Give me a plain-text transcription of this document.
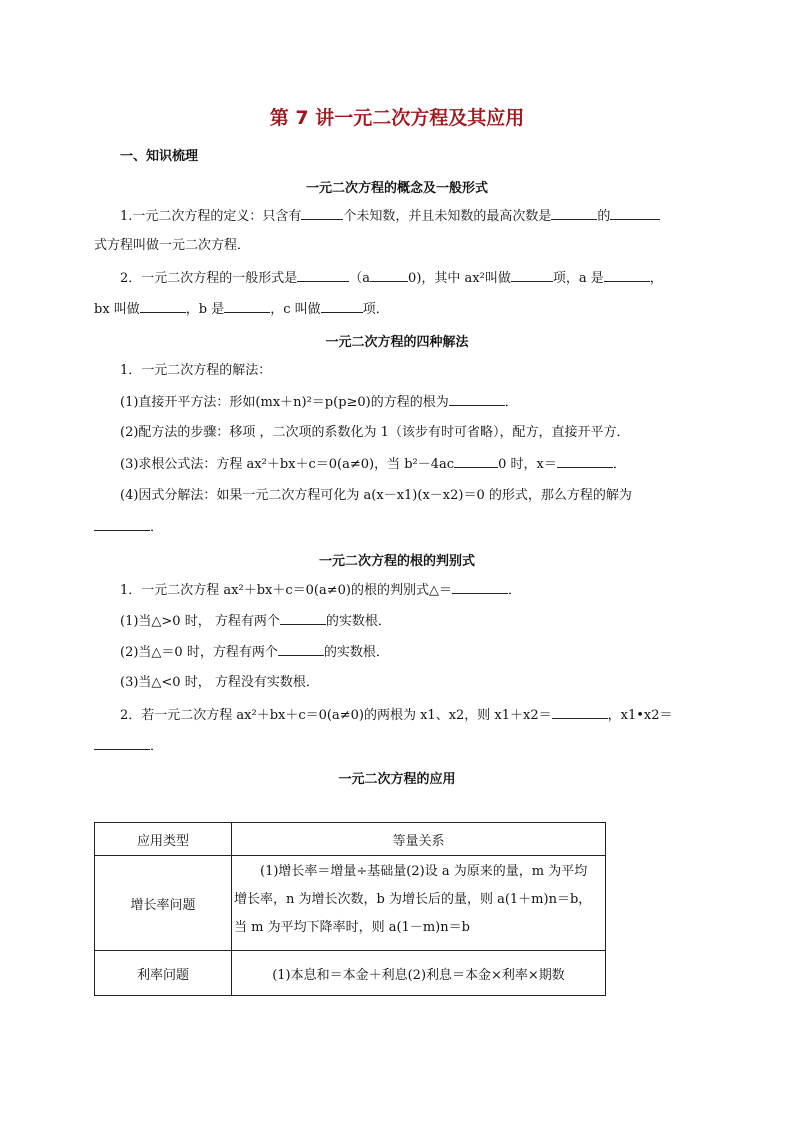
第 7 讲一元二次方程及其应用
一、知识梳理
一元二次方程的概念及一般形式
1.一元二次方程的定义：只含有	个未知数，并且未知数的最高次数是	的
式方程叫做一元二次方程．
2．一元二次方程的一般形式是	（a	0)，其中 ax²叫做	项，a 是	，
bx 叫做	，b 是	，c 叫做	项．
一元二次方程的四种解法
1．一元二次方程的解法：
(1)直接开平方法：形如(mx＋n)²＝p(p≥0)的方程的根为	．
(2)配方法的步骤：移项 ，二次项的系数化为 1（该步有时可省略），配方，直接开平方．
(3)求根公式法：方程 ax²＋bx＋c＝0(a≠0)，当 b²－4ac	0 时，x＝	．
(4)因式分解法：如果一元二次方程可化为 a(x－x1)(x－x2)＝0 的形式，那么方程的解为
．
一元二次方程的根的判别式
1．一元二次方程 ax²＋bx＋c＝0(a≠0)的根的判别式△＝	．
(1)当△>0 时， 方程有两个	的实数根．
(2)当△＝0 时，方程有两个	的实数根．
(3)当△<0 时， 方程没有实数根．
2．若一元二次方程 ax²＋bx＋c＝0(a≠0)的两根为 x1、x2，则 x1＋x2＝	，x1•x2＝
．
一元二次方程的应用
应用类型	等量关系
增长率问题	(1)增长率＝增量÷基础量(2)设 a 为原来的量，m 为平均
增长率，n 为增长次数，b 为增长后的量，则 a(1＋m)n＝b，
当 m 为平均下降率时，则 a(1－m)n＝b

利率问题	(1)本息和＝本金＋利息(2)利息＝本金×利率×期数
